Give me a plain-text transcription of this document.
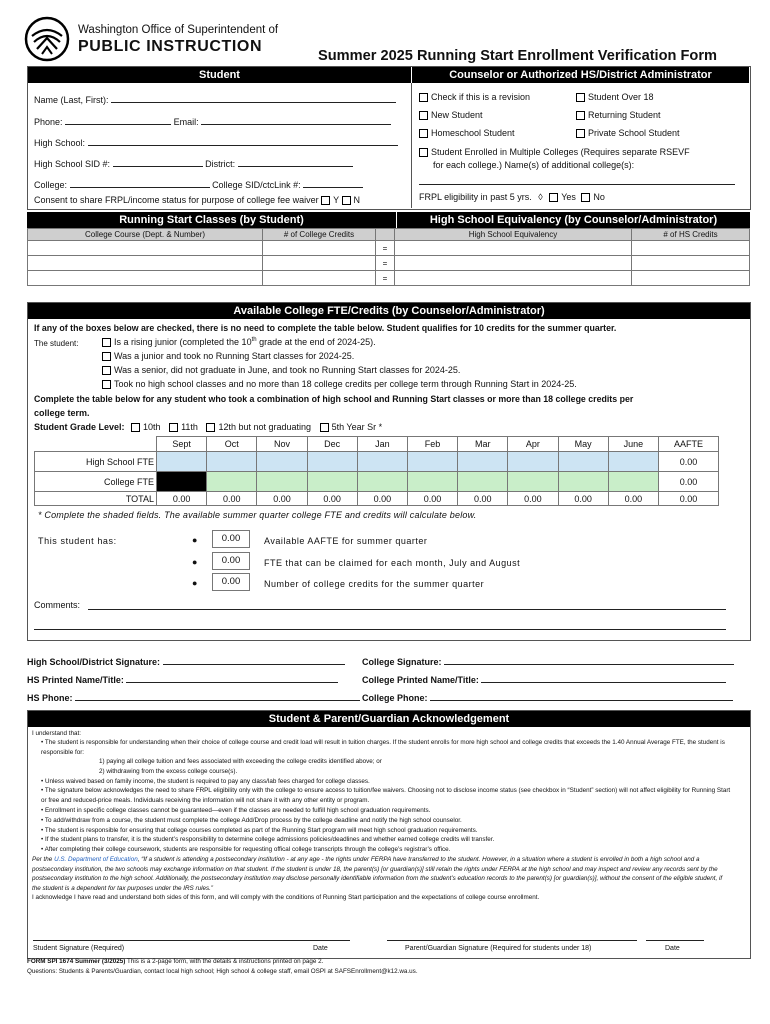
Washington Office of Superintendent of
PUBLIC INSTRUCTION
Summer 2025 Running Start Enrollment Verification Form
Student	Counselor or Authorized HS/District Administrator
Name (Last, First):
Phone:	Email:
High School:
High School SID #:	District:
College:	College SID/ctcLink #:
Consent to share FRPL/income status for purpose of college fee waiver Y N
Check if this is a revision	Student Over 18
New Student	Returning Student
Homeschool Student	Private School Student
Student Enrolled in Multiple Colleges (Requires separate RSEVF
for each college.) Name(s) of additional college(s):
FRPL eligibility in past 5 yrs. ◊ Yes No
Running Start Classes (by Student)	High School Equivalency (by Counselor/Administrator)
College Course (Dept. & Number)	# of College Credits		High School Equivalency	# of HS Credits
		=		
		=		
		=		
Available College FTE/Credits (by Counselor/Administrator)
If any of the boxes below are checked, there is no need to complete the table below. Student qualifies for 10 credits for the summer quarter.
The student:	Is a rising junior (completed the 10th grade at the end of 2024-25).
Was a junior and took no Running Start classes for 2024-25.
Was a senior, did not graduate in June, and took no Running Start classes for 2024-25.
Took no high school classes and no more than 18 college credits per college term through Running Start in 2024-25.
Complete the table below for any student who took a combination of high school and Running Start classes or more than 18 college credits per
college term.
Student Grade Level: 10th 11th 12th but not graduating 5th Year Sr *
	Sept	Oct	Nov	Dec	Jan	Feb	Mar	Apr	May	June	AAFTE
High School FTE											0.00
College FTE											0.00
TOTAL	0.00	0.00	0.00	0.00	0.00	0.00	0.00	0.00	0.00	0.00	0.00
* Complete the shaded fields. The available summer quarter college FTE and credits will calculate below.
This student has:	●	0.00	Available AAFTE for summer quarter
●	0.00	FTE that can be claimed for each month, July and August
●	0.00	Number of college credits for the summer quarter
Comments:
High School/District Signature:	College Signature:
HS Printed Name/Title:	College Printed Name/Title:
HS Phone:	College Phone:
Student & Parent/Guardian Acknowledgement
I understand that:
• The student is responsible for understanding when their choice of college course and credit load will result in tuition charges. If the student enrolls for more high school and college credits that exceeds the 1.40 Annual Average FTE, the student is responsible for:
1) paying all college tuition and fees associated with exceeding the college credits identified above; or
2) withdrawing from the excess college course(s).
• Unless waived based on family income, the student is required to pay any class/lab fees charged for college classes.
• The signature below acknowledges the need to share FRPL eligibility only with the college to ensure access to tuition/fee waivers. Choosing not to disclose income status (see checkbox in “Student” section) will not affect eligibility for Running Start or free and reduced-price meals. Individuals receiving the information will not share it with any other entity or program.
• Enrollment in specific college classes cannot be guaranteed—even if the classes are needed to fulfill high school graduation requirements.
• To add/withdraw from a course, the student must complete the college Add/Drop process by the college deadline and notify the high school counselor.
• The student is responsible for ensuring that college courses completed as part of the Running Start program will meet high school graduation requirements.
• If the student plans to transfer, it is the student’s responsibility to determine college admissions policies/deadlines and whether earned college credits will transfer.
• After completing their college coursework, students are responsible for requesting offical college transcripts through the college’s registrar’s office.
Per the U.S. Department of Education, “If a student is attending a postsecondary institution - at any age - the rights under FERPA have transferred to the student. However, in a situation where a student is enrolled in both a high school and a postsecondary institution, the two schools may exchange information on that student. If the student is under 18, the parent(s) [or guardian(s)] still retain the rights under FERPA at the high school and may inspect and review any records sent by the postsecondary institution to the high school. Additionally, the postsecondary institution may disclose personally identifiable information from the student’s education records to the parent(s) [or guardian(s)], without the consent of the eligible student, if the student is a dependent for tax purposes under the IRS rules.”
I acknowledge I have read and understand both sides of this form, and will comply with the conditions of Running Start participation and the expectations of college course enrollment.
Student Signature (Required)	Date	Parent/Guardian Signature (Required for students under 18)	Date
FORM SPI 1674 Summer (3/2025) This is a 2-page form, with the details & instructions printed on page 2.
Questions: Students & Parents/Guardian, contact local high school; High school & college staff, email OSPI at SAFSEnrollment@k12.wa.us.
